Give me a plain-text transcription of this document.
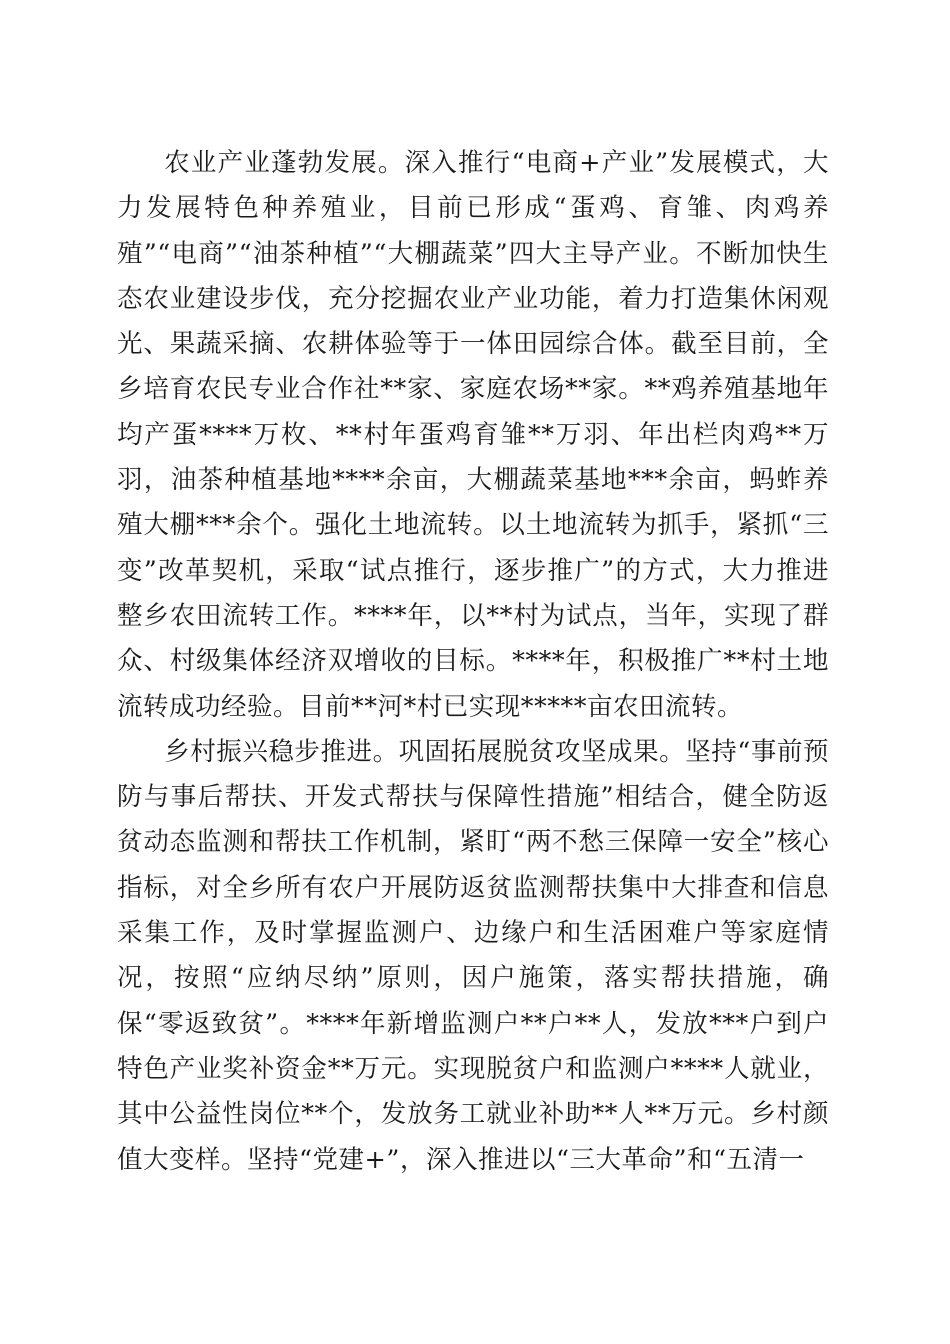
农业产业蓬勃发展。深入推行“电商+产业”发展模式，大力发展特色种养殖业，目前已形成“蛋鸡、育雏、肉鸡养殖”“电商”“油茶种植”“大棚蔬菜”四大主导产业。不断加快生态农业建设步伐，充分挖掘农业产业功能，着力打造集休闲观光、果蔬采摘、农耕体验等于一体田园综合体。截至目前，全乡培育农民专业合作社**家、家庭农场**家。**鸡养殖基地年均产蛋****万枚、**村年蛋鸡育雏**万羽、年出栏肉鸡**万羽，油茶种植基地****余亩，大棚蔬菜基地***余亩，蚂蚱养殖大棚***余个。强化土地流转。以土地流转为抓手，紧抓“三变”改革契机，采取“试点推行，逐步推广”的方式，大力推进整乡农田流转工作。****年，以**村为试点，当年，实现了群众、村级集体经济双增收的目标。****年，积极推广**村土地流转成功经验。目前**河*村已实现*****亩农田流转。

乡村振兴稳步推进。巩固拓展脱贫攻坚成果。坚持“事前预防与事后帮扶、开发式帮扶与保障性措施”相结合，健全防返贫动态监测和帮扶工作机制，紧盯“两不愁三保障一安全”核心指标，对全乡所有农户开展防返贫监测帮扶集中大排查和信息采集工作，及时掌握监测户、边缘户和生活困难户等家庭情况，按照“应纳尽纳”原则，因户施策，落实帮扶措施，确保“零返致贫”。****年新增监测户**户**人，发放***户到户特色产业奖补资金**万元。实现脱贫户和监测户****人就业，其中公益性岗位**个，发放务工就业补助**人**万元。乡村颜值大变样。坚持“党建+”，深入推进以“三大革命”和“五清一
